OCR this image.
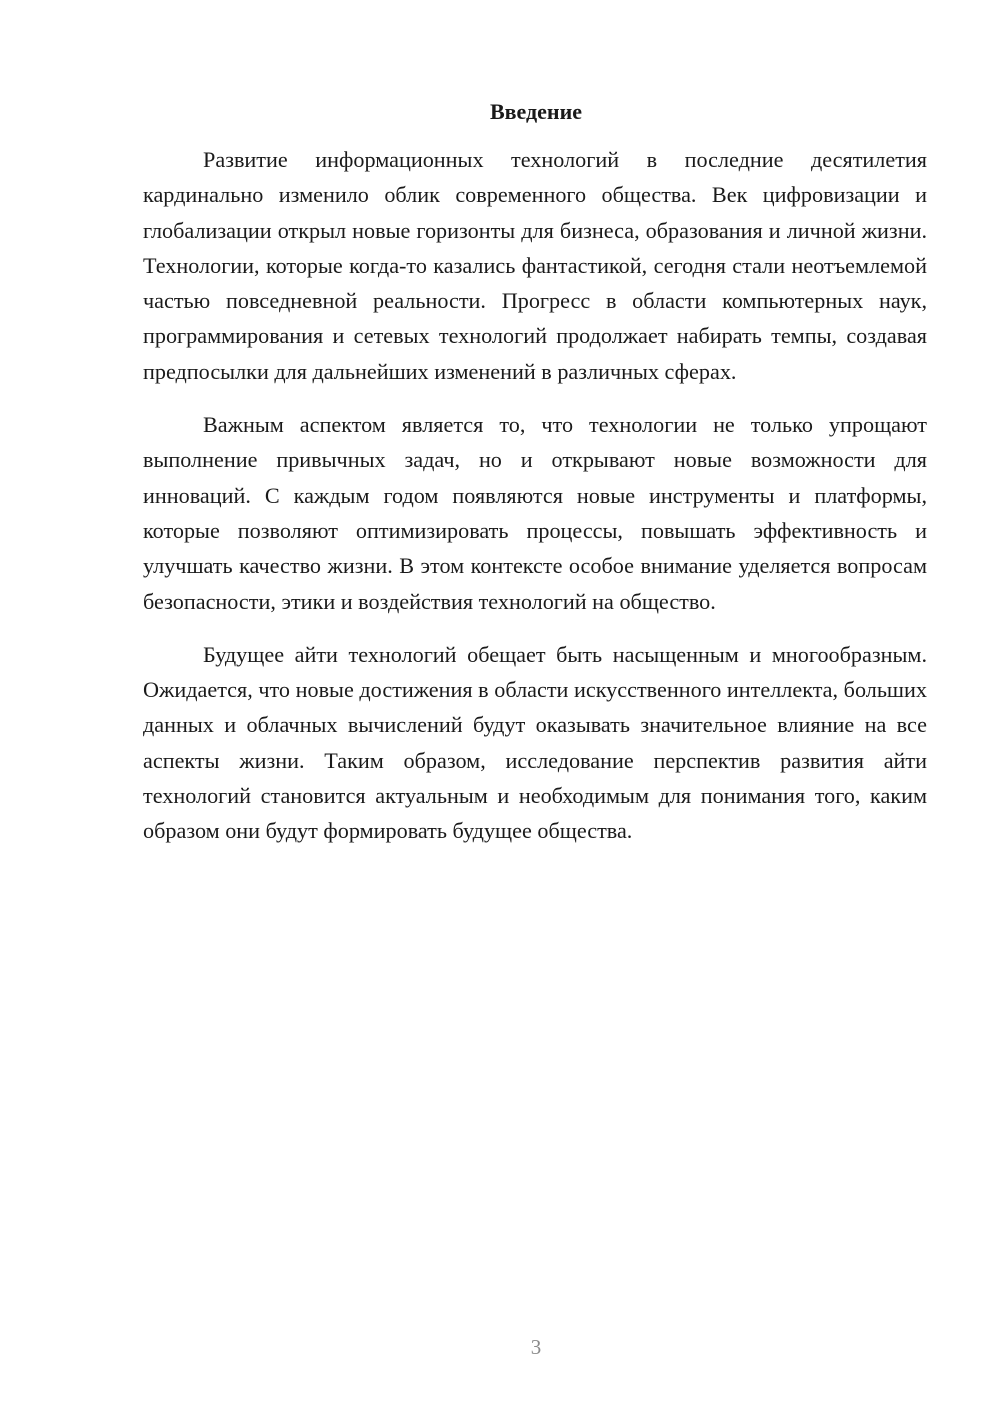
Введение

Развитие информационных технологий в последние десятилетия кардинально изменило облик современного общества. Век цифровизации и глобализации открыл новые горизонты для бизнеса, образования и личной жизни. Технологии, которые когда-то казались фантастикой, сегодня стали неотъемлемой частью повседневной реальности. Прогресс в области компьютерных наук, программирования и сетевых технологий продолжает набирать темпы, создавая предпосылки для дальнейших изменений в различных сферах.

Важным аспектом является то, что технологии не только упрощают выполнение привычных задач, но и открывают новые возможности для инноваций. С каждым годом появляются новые инструменты и платформы, которые позволяют оптимизировать процессы, повышать эффективность и улучшать качество жизни. В этом контексте особое внимание уделяется вопросам безопасности, этики и воздействия технологий на общество.

Будущее айти технологий обещает быть насыщенным и многообразным. Ожидается, что новые достижения в области искусственного интеллекта, больших данных и облачных вычислений будут оказывать значительное влияние на все аспекты жизни. Таким образом, исследование перспектив развития айти технологий становится актуальным и необходимым для понимания того, каким образом они будут формировать будущее общества.

3
